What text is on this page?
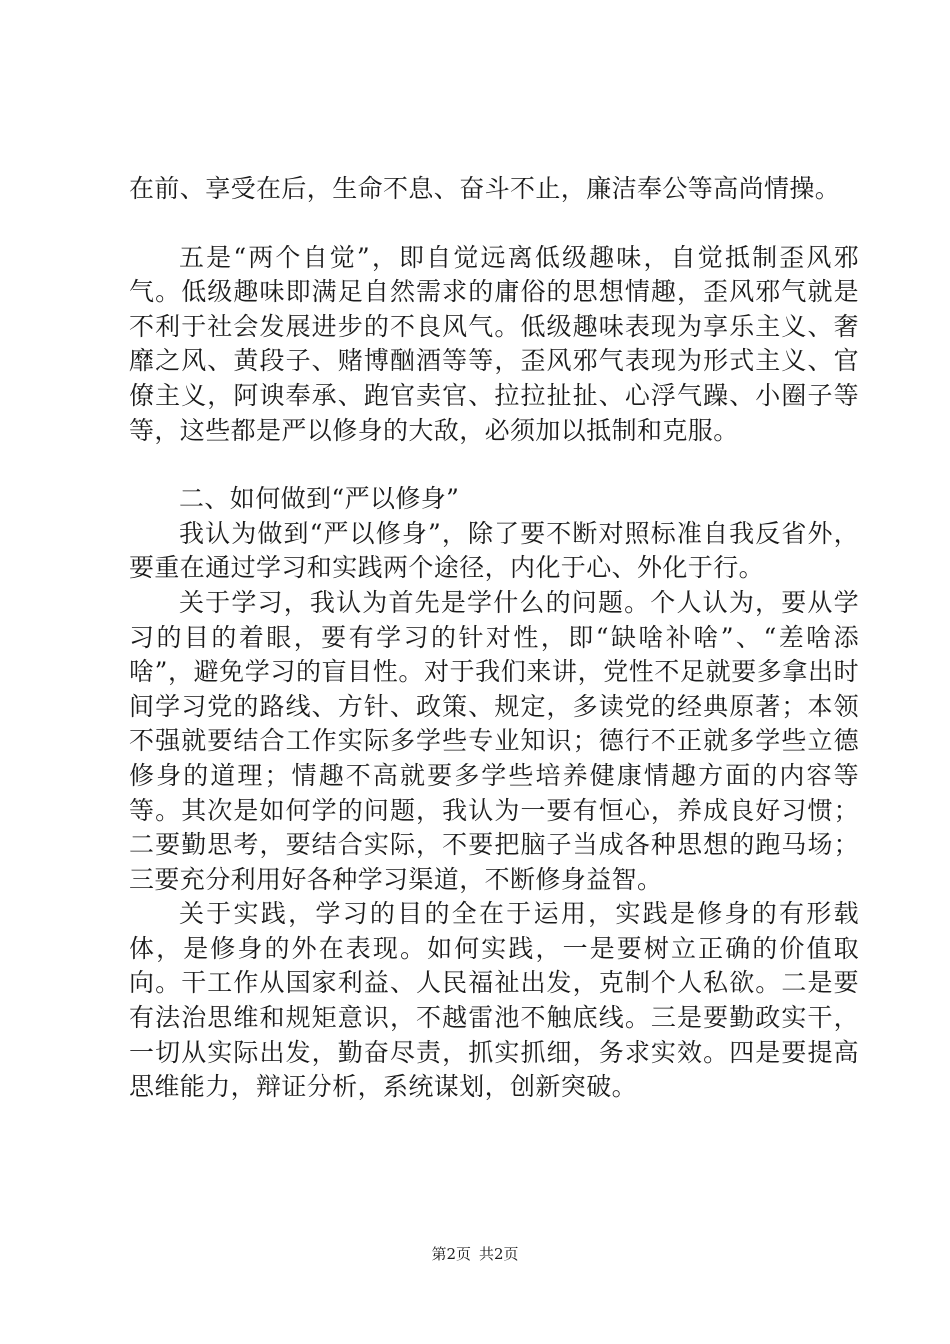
在前、享受在后，生命不息、奋斗不止，廉洁奉公等高尚情操。

五是“两个自觉”，即自觉远离低级趣味，自觉抵制歪风邪气。低级趣味即满足自然需求的庸俗的思想情趣，歪风邪气就是不利于社会发展进步的不良风气。低级趣味表现为享乐主义、奢靡之风、黄段子、赌博酗酒等等，歪风邪气表现为形式主义、官僚主义，阿谀奉承、跑官卖官、拉拉扯扯、心浮气躁、小圈子等等，这些都是严以修身的大敌，必须加以抵制和克服。

二、如何做到“严以修身”

我认为做到“严以修身”，除了要不断对照标准自我反省外，要重在通过学习和实践两个途径，内化于心、外化于行。

关于学习，我认为首先是学什么的问题。个人认为，要从学习的目的着眼，要有学习的针对性，即“缺啥补啥”、“差啥添啥”，避免学习的盲目性。对于我们来讲，党性不足就要多拿出时间学习党的路线、方针、政策、规定，多读党的经典原著；本领不强就要结合工作实际多学些专业知识；德行不正就多学些立德修身的道理；情趣不高就要多学些培养健康情趣方面的内容等等。其次是如何学的问题，我认为一要有恒心，养成良好习惯；二要勤思考，要结合实际，不要把脑子当成各种思想的跑马场；三要充分利用好各种学习渠道，不断修身益智。

关于实践，学习的目的全在于运用，实践是修身的有形载体，是修身的外在表现。如何实践，一是要树立正确的价值取向。干工作从国家利益、人民福祉出发，克制个人私欲。二是要有法治思维和规矩意识，不越雷池不触底线。三是要勤政实干，一切从实际出发，勤奋尽责，抓实抓细，务求实效。四是要提高思维能力，辩证分析，系统谋划，创新突破。

第2页 共2页
